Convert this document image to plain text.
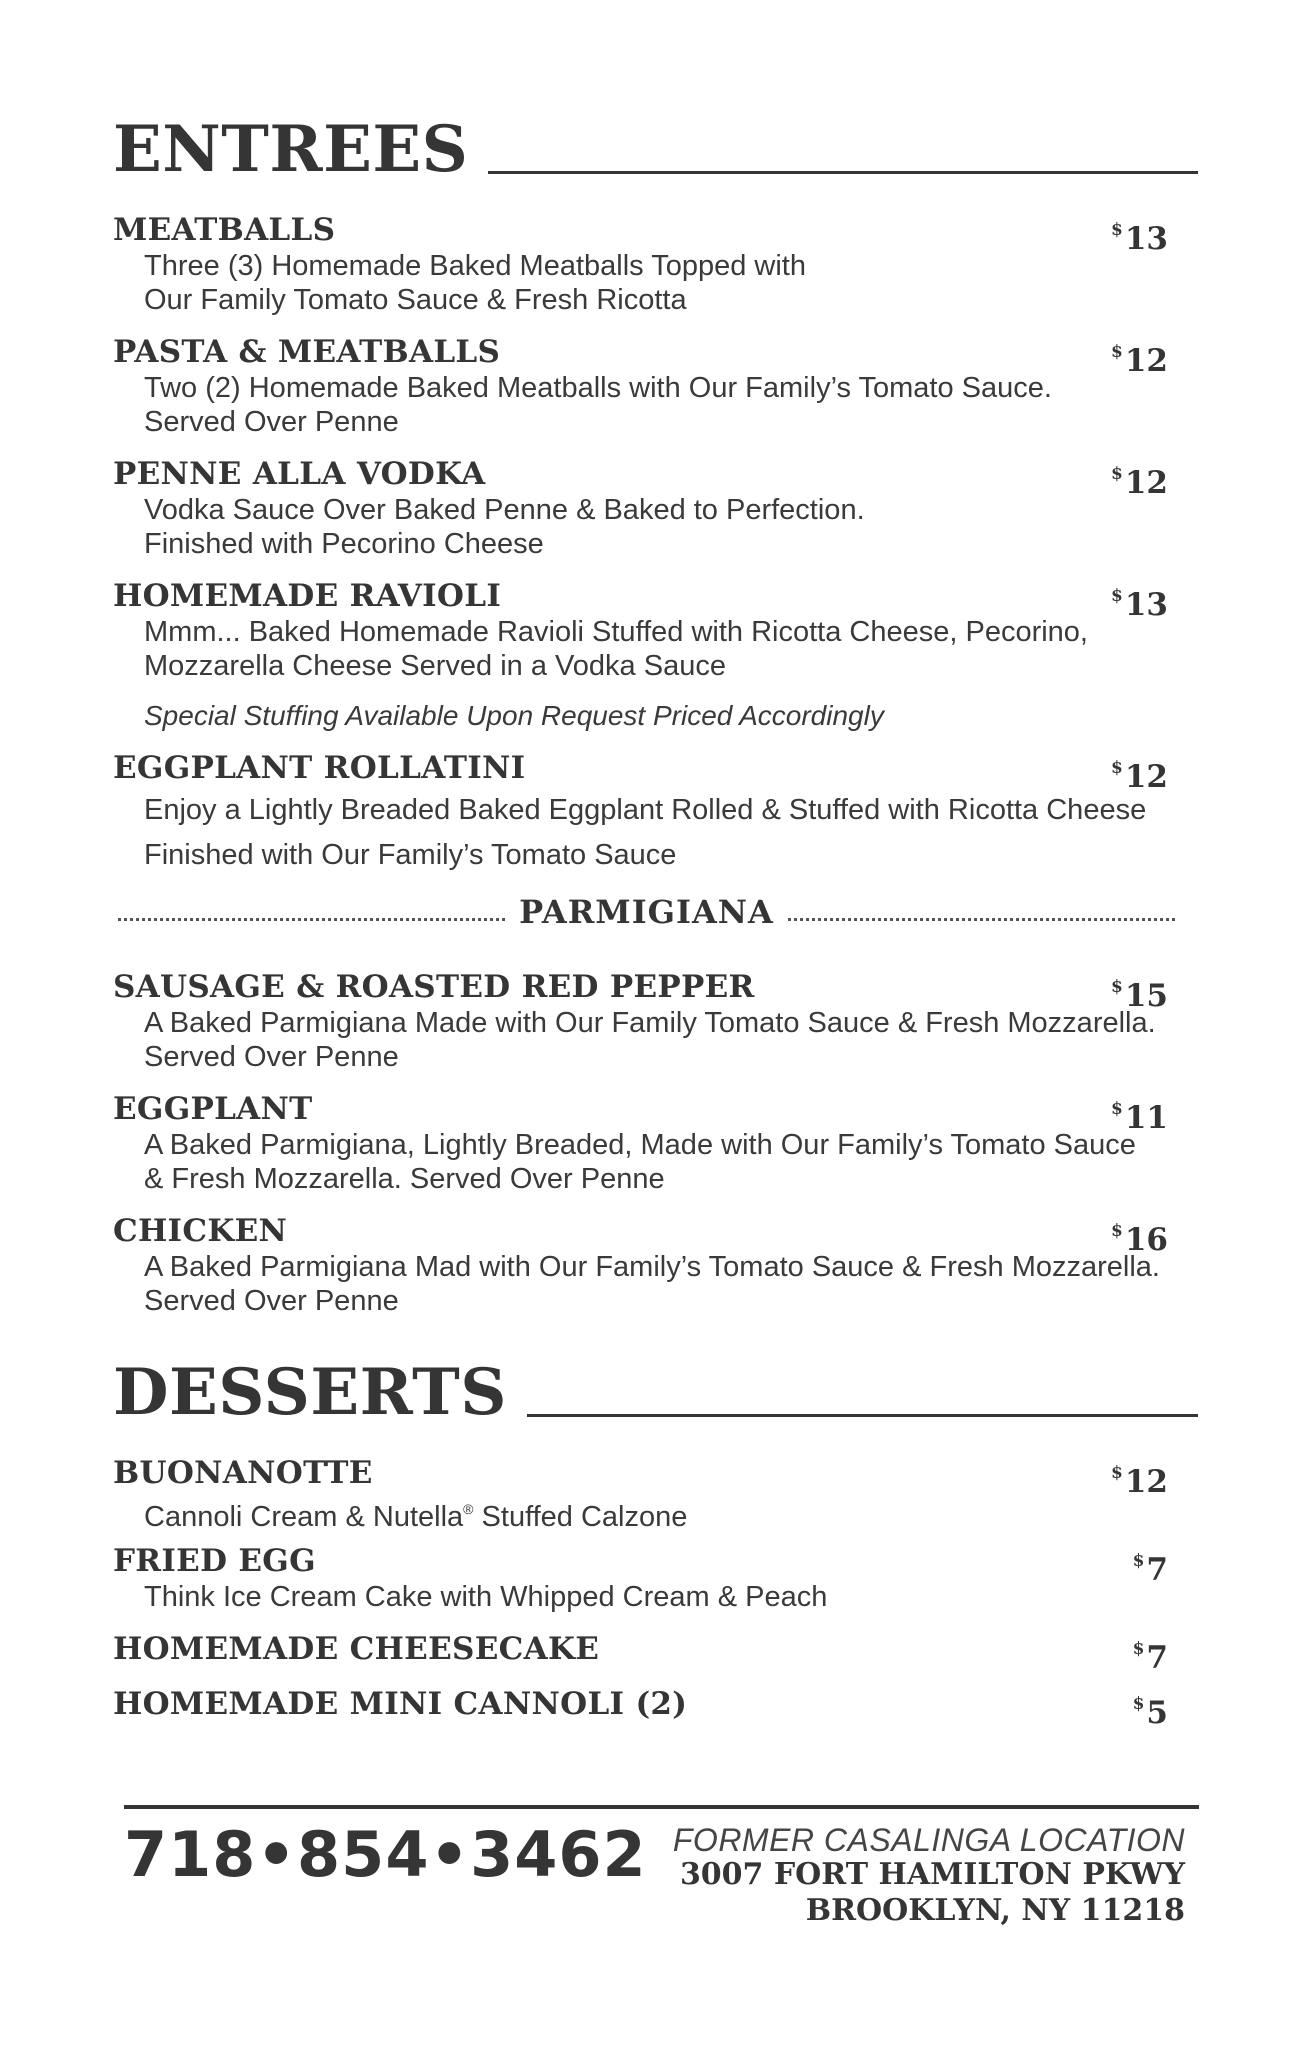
ENTREES
MEATBALLS	$13
Three (3) Homemade Baked Meatballs Topped with
Our Family Tomato Sauce & Fresh Ricotta
PASTA & MEATBALLS	$12
Two (2) Homemade Baked Meatballs with Our Family’s Tomato Sauce.
Served Over Penne
PENNE ALLA VODKA	$12
Vodka Sauce Over Baked Penne & Baked to Perfection.
Finished with Pecorino Cheese
HOMEMADE RAVIOLI	$13
Mmm... Baked Homemade Ravioli Stuffed with Ricotta Cheese, Pecorino,
Mozzarella Cheese Served in a Vodka Sauce
Special Stuffing Available Upon Request Priced Accordingly
EGGPLANT ROLLATINI	$12
Enjoy a Lightly Breaded Baked Eggplant Rolled & Stuffed with Ricotta Cheese
Finished with Our Family’s Tomato Sauce
PARMIGIANA
SAUSAGE & ROASTED RED PEPPER	$15
A Baked Parmigiana Made with Our Family Tomato Sauce & Fresh Mozzarella.
Served Over Penne
EGGPLANT	$11
A Baked Parmigiana, Lightly Breaded, Made with Our Family’s Tomato Sauce
& Fresh Mozzarella. Served Over Penne
CHICKEN	$16
A Baked Parmigiana Mad with Our Family’s Tomato Sauce & Fresh Mozzarella.
Served Over Penne
DESSERTS
BUONANOTTE	$12
Cannoli Cream & Nutella® Stuffed Calzone
FRIED EGG	$7
Think Ice Cream Cake with Whipped Cream & Peach
HOMEMADE CHEESECAKE	$7
HOMEMADE MINI CANNOLI (2)	$5
718•854•3462 FORMER CASALINGA LOCATION
3007 FORT HAMILTON PKWY
BROOKLYN, NY 11218
